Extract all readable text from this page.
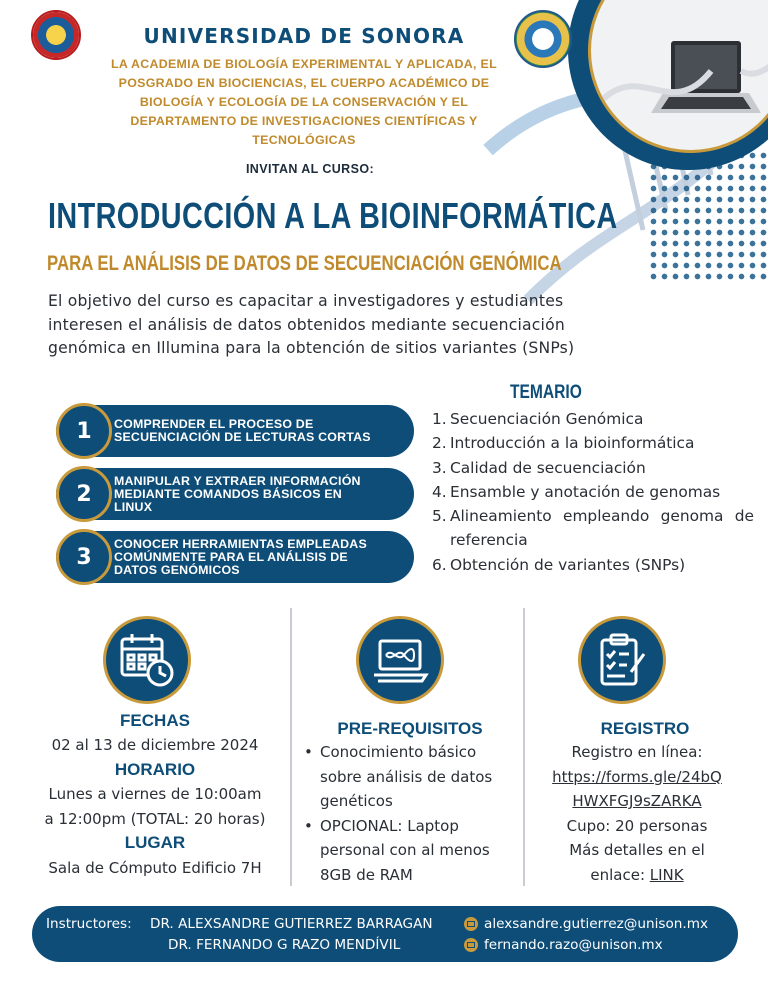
UNIVERSIDAD DE SONORA
LA ACADEMIA DE BIOLOGÍA EXPERIMENTAL Y APLICADA, EL
POSGRADO EN BIOCIENCIAS, EL CUERPO ACADÉMICO DE
BIOLOGÍA Y ECOLOGÍA DE LA CONSERVACIÓN Y EL
DEPARTAMENTO DE INVESTIGACIONES CIENTÍFICAS Y
TECNOLÓGICAS
INVITAN AL CURSO:
INTRODUCCIÓN A LA BIOINFORMÁTICA
PARA EL ANÁLISIS DE DATOS DE SECUENCIACIÓN GENÓMICA
El objetivo del curso es capacitar a investigadores y estudiantes
interesen el análisis de datos obtenidos mediante secuenciación
genómica en Illumina para la obtención de sitios variantes (SNPs)
1	COMPRENDER EL PROCESO DE
SECUENCIACIÓN DE LECTURAS CORTAS
2
MANIPULAR Y EXTRAER INFORMACIÓN
MEDIANTE COMANDOS BÁSICOS EN
LINUX
3
CONOCER HERRAMIENTAS EMPLEADAS
COMÚNMENTE PARA EL ANÁLISIS DE
DATOS GENÓMICOS
TEMARIO
1. Secuenciación Genómica
2. Introducción a la bioinformática
3. Calidad de secuenciación
4. Ensamble y anotación de genomas
5. Alineamiento empleando genoma de referencia
6. Obtención de variantes (SNPs)
FECHAS
02 al 13 de diciembre 2024
HORARIO
Lunes a viernes de 10:00am
a 12:00pm (TOTAL: 20 horas)
LUGAR
Sala de Cómputo Edificio 7H
PRE-REQUISITOS
• Conocimiento básico sobre análisis de datos genéticos
• OPCIONAL: Laptop personal con al menos 8GB de RAM
REGISTRO
Registro en línea:
https://forms.gle/24bQ
HWXFGJ9sZARKA
Cupo: 20 personas
Más detalles en el
enlace: LINK
Instructores: DR. ALEXSANDRE GUTIERREZ BARRAGAN
DR. FERNANDO G RAZO MENDÍVIL
alexsandre.gutierrez@unison.mx
fernando.razo@unison.mx
